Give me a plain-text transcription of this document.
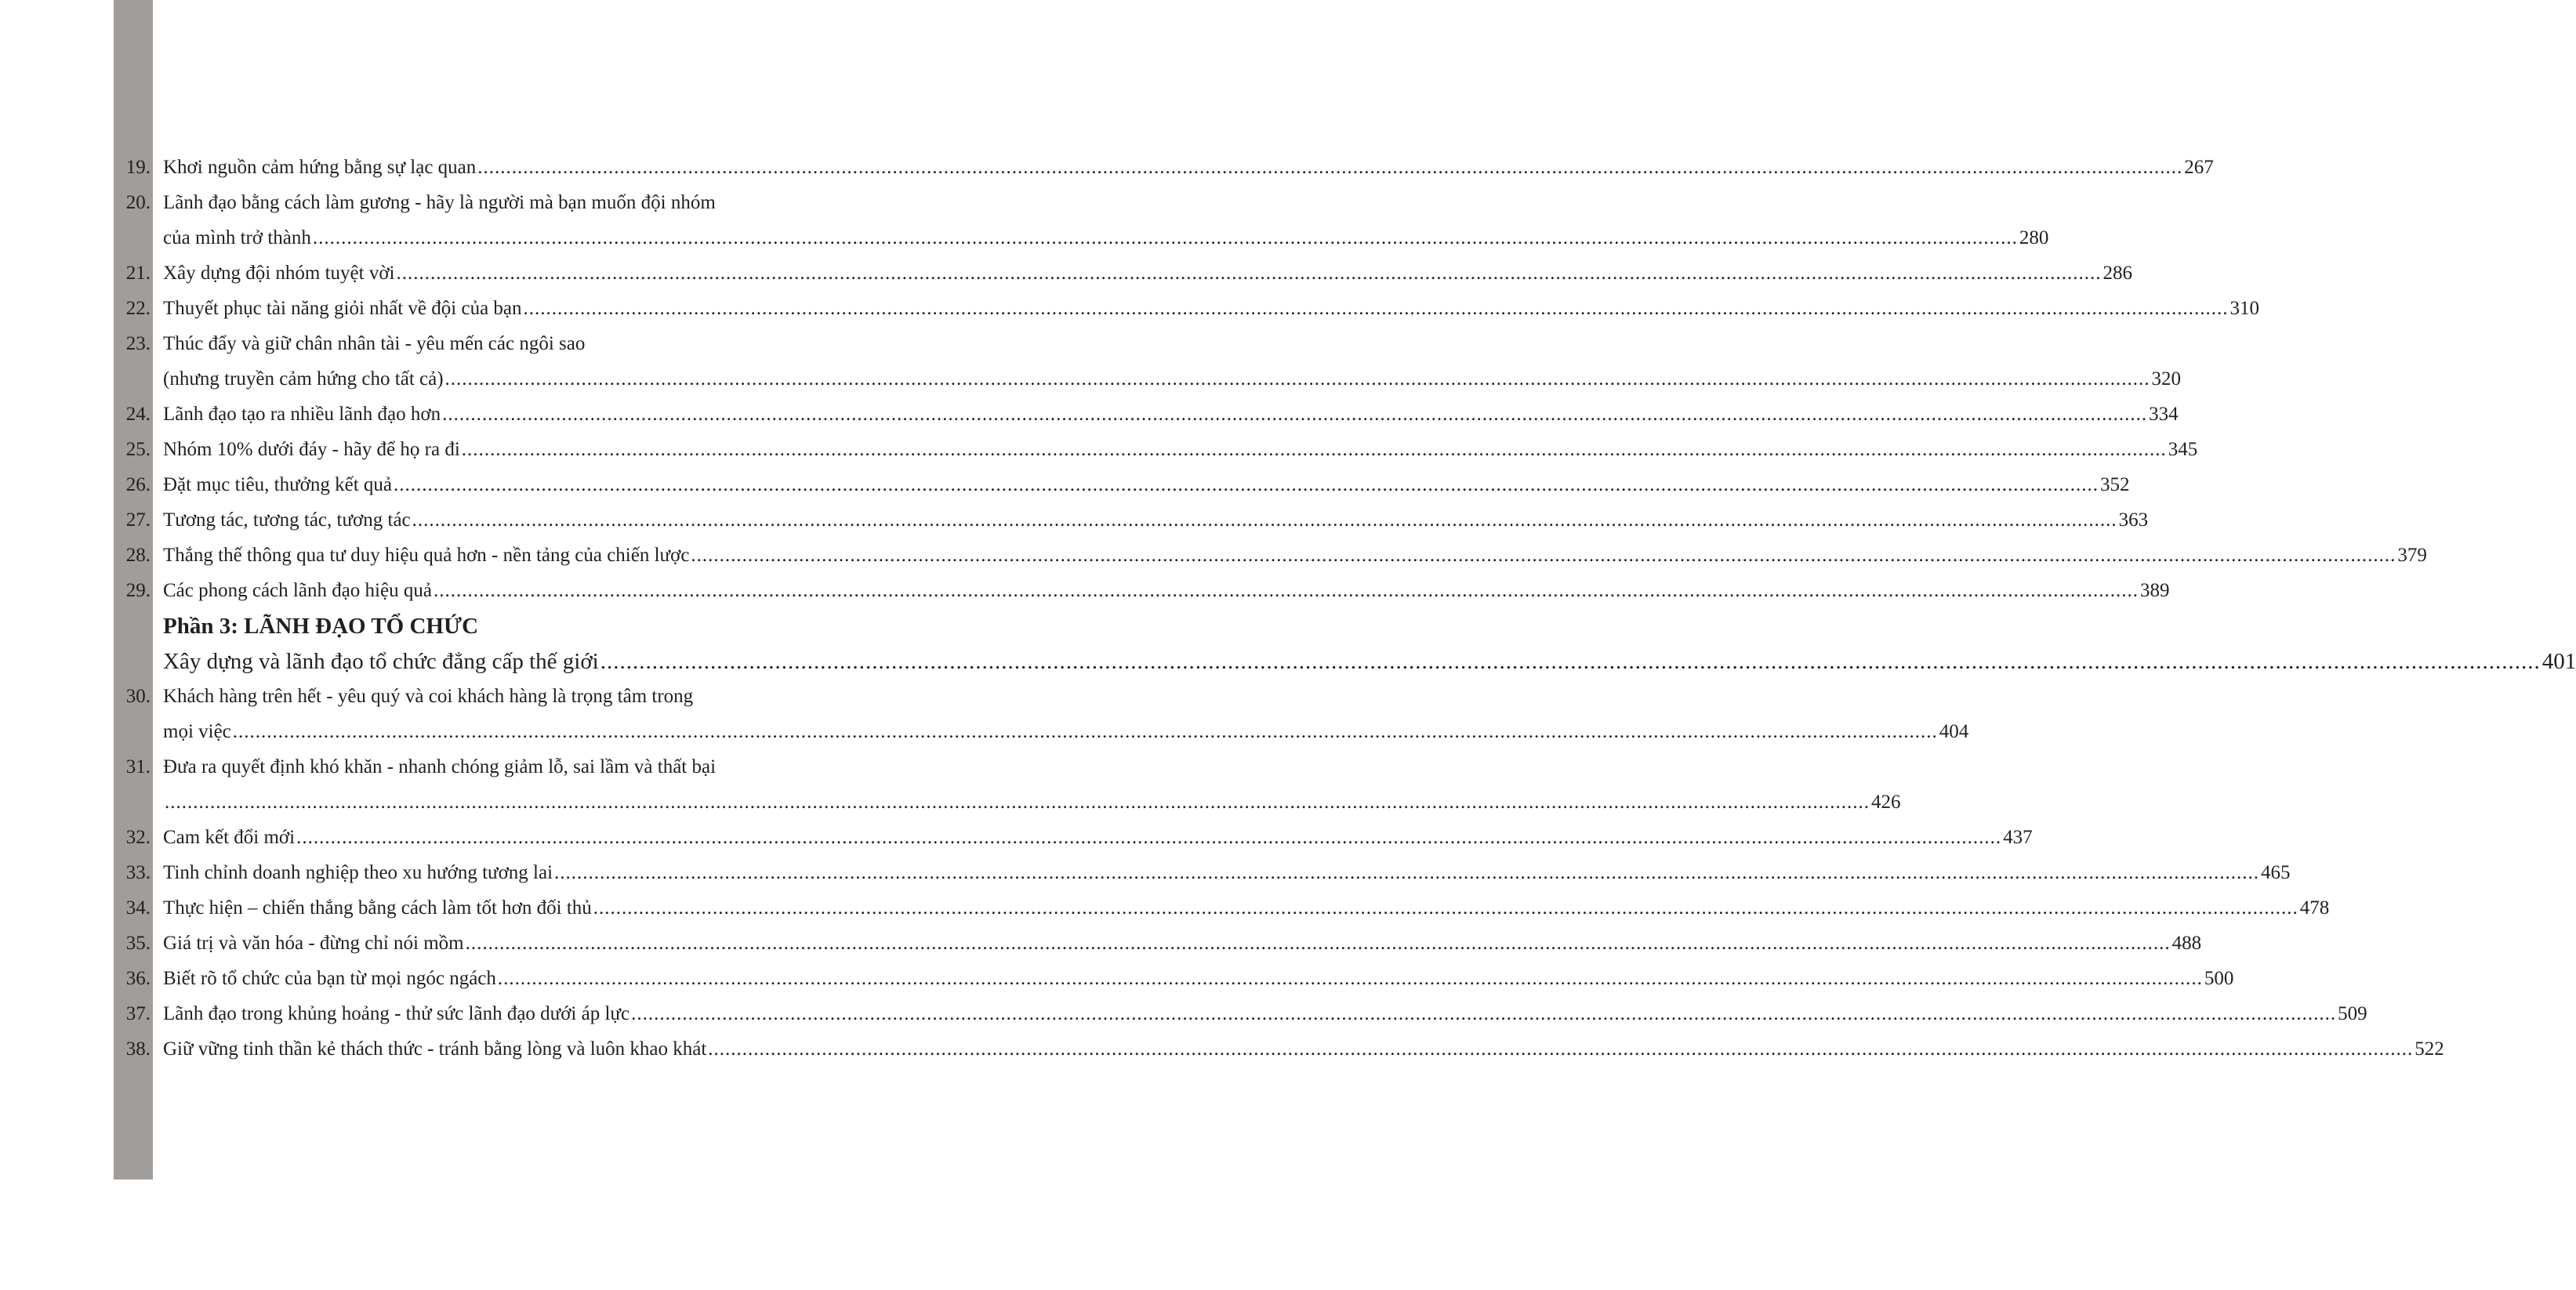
19. Khơi nguồn cảm hứng bằng sự lạc quan ............................................................................................................................................................................................................................................................................................................ 267
20. Lãnh đạo bằng cách làm gương - hãy là người mà bạn muốn đội nhóm
của mình trở thành ............................................................................................................................................................................................................................................................................................................ 280
21. Xây dựng đội nhóm tuyệt vời ............................................................................................................................................................................................................................................................................................................ 286
22. Thuyết phục tài năng giỏi nhất về đội của bạn ............................................................................................................................................................................................................................................................................................................ 310
23. Thúc đẩy và giữ chân nhân tài - yêu mến các ngôi sao
(nhưng truyền cảm hứng cho tất cả) ............................................................................................................................................................................................................................................................................................................ 320
24. Lãnh đạo tạo ra nhiều lãnh đạo hơn ............................................................................................................................................................................................................................................................................................................ 334
25. Nhóm 10% dưới đáy - hãy để họ ra đi ............................................................................................................................................................................................................................................................................................................ 345
26. Đặt mục tiêu, thưởng kết quả ............................................................................................................................................................................................................................................................................................................ 352
27. Tương tác, tương tác, tương tác ............................................................................................................................................................................................................................................................................................................ 363
28. Thắng thế thông qua tư duy hiệu quả hơn - nền tảng của chiến lược ............................................................................................................................................................................................................................................................................................................ 379
29. Các phong cách lãnh đạo hiệu quả ............................................................................................................................................................................................................................................................................................................ 389
Phần 3: LÃNH ĐẠO TỔ CHỨC
Xây dựng và lãnh đạo tổ chức đẳng cấp thế giới ............................................................................................................................................................................................................................................................................................................ 401
30. Khách hàng trên hết - yêu quý và coi khách hàng là trọng tâm trong
mọi việc ............................................................................................................................................................................................................................................................................................................ 404
31. Đưa ra quyết định khó khăn - nhanh chóng giảm lỗ, sai lầm và thất bại
............................................................................................................................................................................................................................................................................................................ 426
32. Cam kết đổi mới ............................................................................................................................................................................................................................................................................................................ 437
33. Tinh chỉnh doanh nghiệp theo xu hướng tương lai ............................................................................................................................................................................................................................................................................................................ 465
34. Thực hiện – chiến thắng bằng cách làm tốt hơn đối thủ ............................................................................................................................................................................................................................................................................................................ 478
35. Giá trị và văn hóa - đừng chỉ nói mồm ............................................................................................................................................................................................................................................................................................................ 488
36. Biết rõ tổ chức của bạn từ mọi ngóc ngách ............................................................................................................................................................................................................................................................................................................ 500
37. Lãnh đạo trong khủng hoảng - thử sức lãnh đạo dưới áp lực ............................................................................................................................................................................................................................................................................................................ 509
38. Giữ vững tinh thần kẻ thách thức - tránh bằng lòng và luôn khao khát ............................................................................................................................................................................................................................................................................................................ 522
